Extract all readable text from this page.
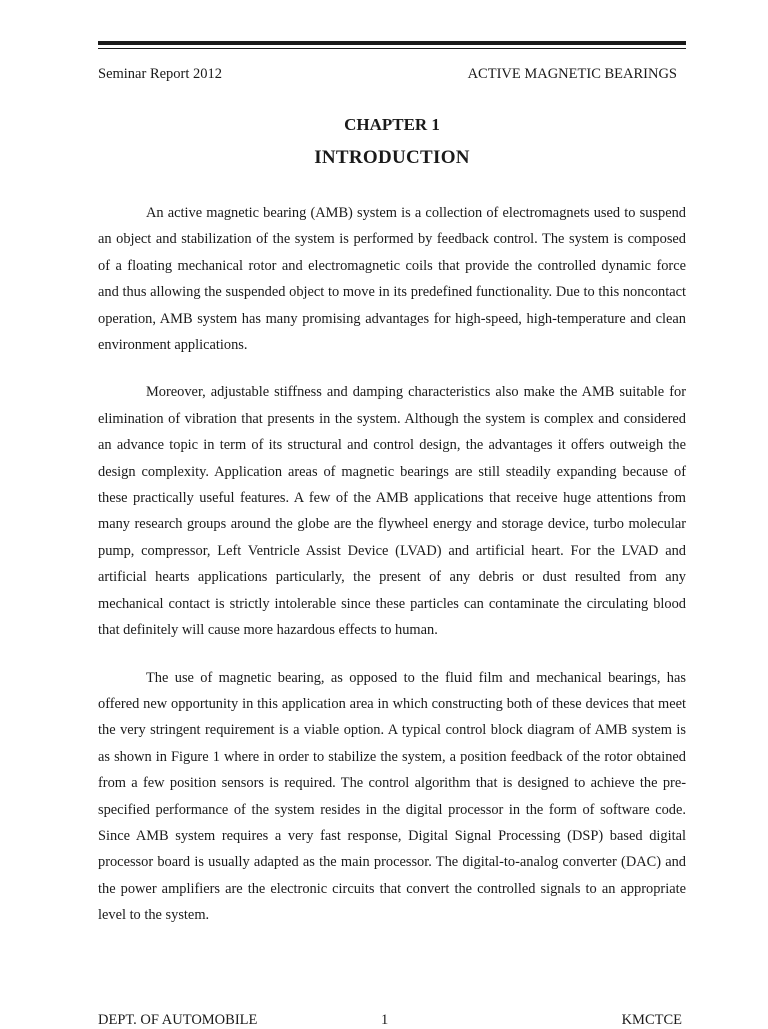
Seminar Report 2012	ACTIVE MAGNETIC BEARINGS
CHAPTER 1
INTRODUCTION

An active magnetic bearing (AMB) system is a collection of electromagnets used to suspend an object and stabilization of the system is performed by feedback control. The system is composed of a floating mechanical rotor and electromagnetic coils that provide the controlled dynamic force and thus allowing the suspended object to move in its predefined functionality. Due to this noncontact operation, AMB system has many promising advantages for high-speed, high-temperature and clean environment applications.

Moreover, adjustable stiffness and damping characteristics also make the AMB suitable for elimination of vibration that presents in the system. Although the system is complex and considered an advance topic in term of its structural and control design, the advantages it offers outweigh the design complexity. Application areas of magnetic bearings are still steadily expanding because of these practically useful features. A few of the AMB applications that receive huge attentions from many research groups around the globe are the flywheel energy and storage device, turbo molecular pump, compressor, Left Ventricle Assist Device (LVAD) and artificial heart. For the LVAD and artificial hearts applications particularly, the present of any debris or dust resulted from any mechanical contact is strictly intolerable since these particles can contaminate the circulating blood that definitely will cause more hazardous effects to human.

The use of magnetic bearing, as opposed to the fluid film and mechanical bearings, has offered new opportunity in this application area in which constructing both of these devices that meet the very stringent requirement is a viable option. A typical control block diagram of AMB system is as shown in Figure 1 where in order to stabilize the system, a position feedback of the rotor obtained from a few position sensors is required. The control algorithm that is designed to achieve the pre-specified performance of the system resides in the digital processor in the form of software code. Since AMB system requires a very fast response, Digital Signal Processing (DSP) based digital processor board is usually adapted as the main processor. The digital-to-analog converter (DAC) and the power amplifiers are the electronic circuits that convert the controlled signals to an appropriate level to the system.

DEPT. OF AUTOMOBILE	1	KMCTCE
